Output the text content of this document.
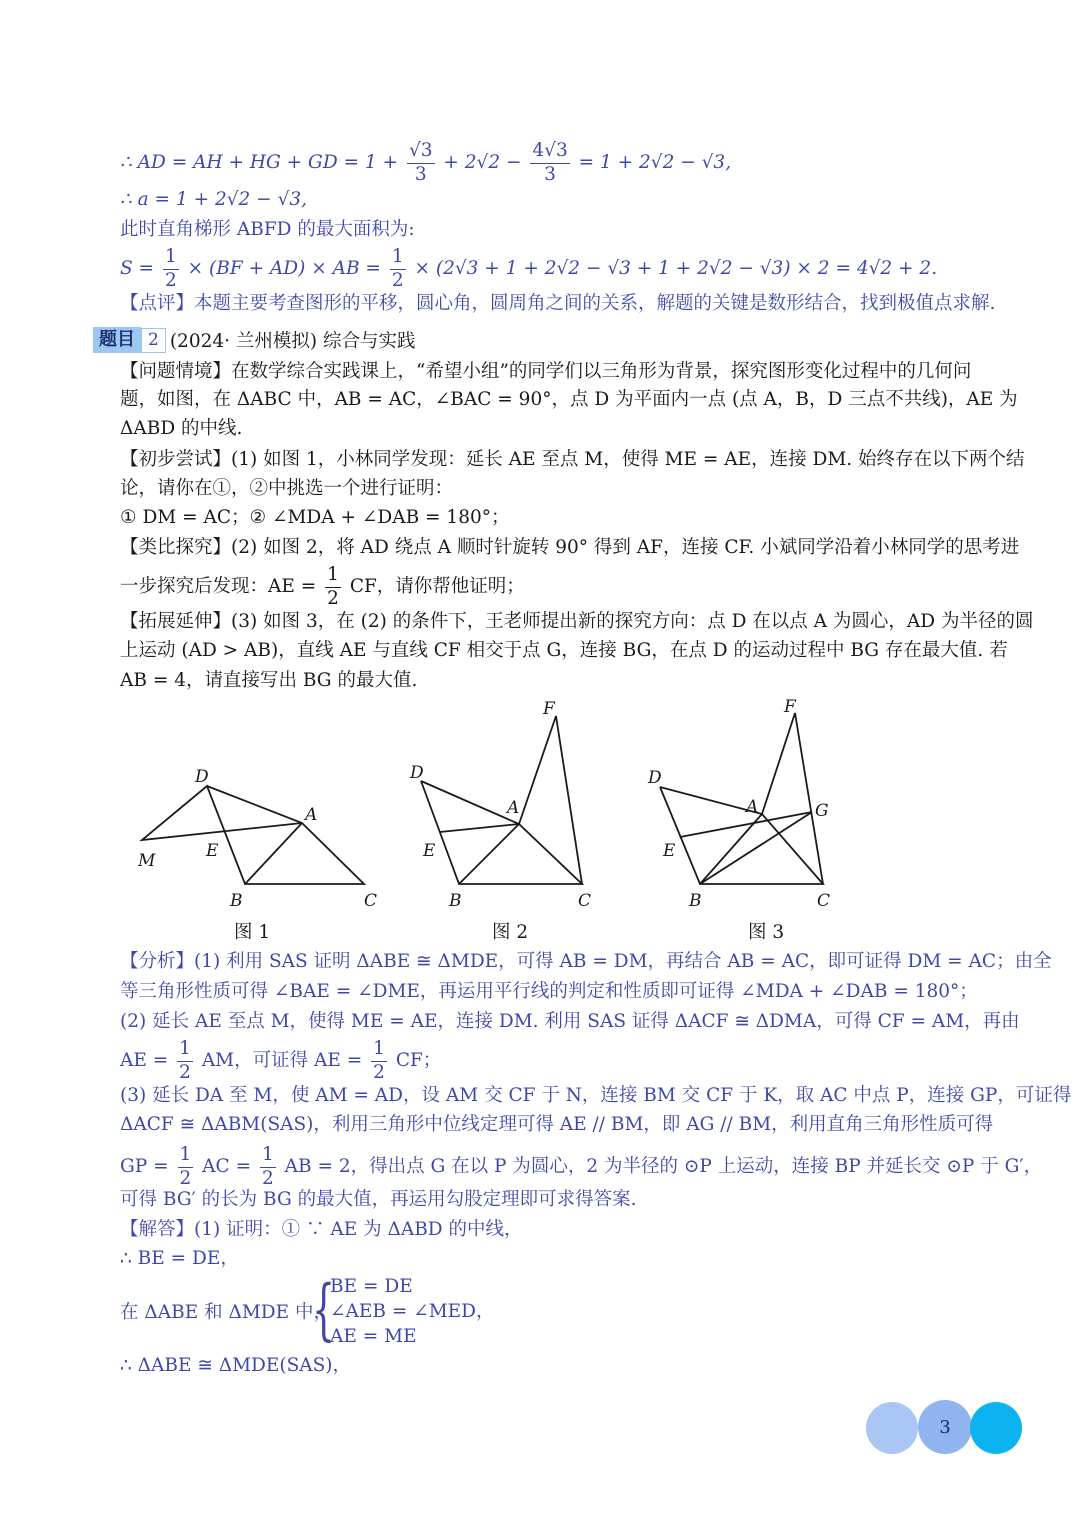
∴ AD = AH + HG + GD = $1 + \frac{√3}{3} + 2√2 - \frac{4√3}{3} = 1 + 2√2 - √3$,
∴ a = 1 + 2√2 − √3,
此时直角梯形 ABFD 的最大面积为:
$S = \frac{1}{2} \times (BF + AD)$ × AB = $\frac{1}{2} \times (2√3 + 1 + 2√2 - √3 + 1 + 2√2 - √3) \times 2 = 4√2 + 2$.
【点评】本题主要考查图形的平移，圆心角，圆周角之间的关系，解题的关键是数形结合，找到极值点求解.
题目 2 (2024· 兰州模拟) 综合与实践
【问题情境】在数学综合实践课上，“希望小组”的同学们以三角形为背景，探究图形变化过程中的几何问
题，如图，在 ΔABC 中，AB = AC，∠BAC = 90°，点 D 为平面内一点 (点 A，B，D 三点不共线)，AE 为
ΔABD 的中线.
【初步尝试】(1) 如图 1，小林同学发现：延长 AE 至点 M，使得 ME = AE，连接 DM. 始终存在以下两个结
论，请你在①，②中挑选一个进行证明：
① DM = AC；② ∠MDA + ∠DAB = 180°；
【类比探究】(2) 如图 2，将 AD 绕点 A 顺时针旋转 90° 得到 AF，连接 CF. 小斌同学沿着小林同学的思考进
一步探究后发现：AE = $\frac{1}{2}$ CF，请你帮他证明；
【拓展延伸】(3) 如图 3，在 (2) 的条件下，王老师提出新的探究方向：点 D 在以点 A 为圆心，AD 为半径的圆
上运动 (AD > AB)，直线 AE 与直线 CF 相交于点 G，连接 BG，在点 D 的运动过程中 BG 存在最大值. 若
AB = 4，请直接写出 BG 的最大值.
D
A
M	E
B	C
D
A
F
E
B	C
D
A
F
G
E
B	C
图 1	图 2	图 3
【分析】(1) 利用 SAS 证明 ΔABE ≅ ΔMDE，可得 AB = DM，再结合 AB = AC，即可证得 DM = AC；由全
等三角形性质可得 ∠BAE = ∠DME，再运用平行线的判定和性质即可证得 ∠MDA + ∠DAB = 180°；
(2) 延长 AE 至点 M，使得 ME = AE，连接 DM. 利用 SAS 证得 ΔACF ≅ ΔDMA，可得 CF = AM，再由
AE = $\frac{1}{2}$ AM，可证得 AE = $\frac{1}{2}$ CF；
(3) 延长 DA 至 M，使 AM = AD，设 AM 交 CF 于 N，连接 BM 交 CF 于 K，取 AC 中点 P，连接 GP，可证得
ΔACF ≅ ΔABM(SAS)，利用三角形中位线定理可得 AE // BM，即 AG // BM，利用直角三角形性质可得
GP = $\frac{1}{2}$ AC = $\frac{1}{2}$ AB = 2，得出点 G 在以 P 为圆心，2 为半径的 ⊙P 上运动，连接 BP 并延长交 ⊙P 于 G′，
可得 BG′ 的长为 BG 的最大值，再运用勾股定理即可求得答案.
【解答】(1) 证明：① ∵ AE 为 ΔABD 的中线，
∴ BE = DE，
在 ΔABE 和 ΔMDE 中，
{
BE = DE
∠AEB = ∠MED，
AE = ME
∴ ΔABE ≅ ΔMDE(SAS)，
3
